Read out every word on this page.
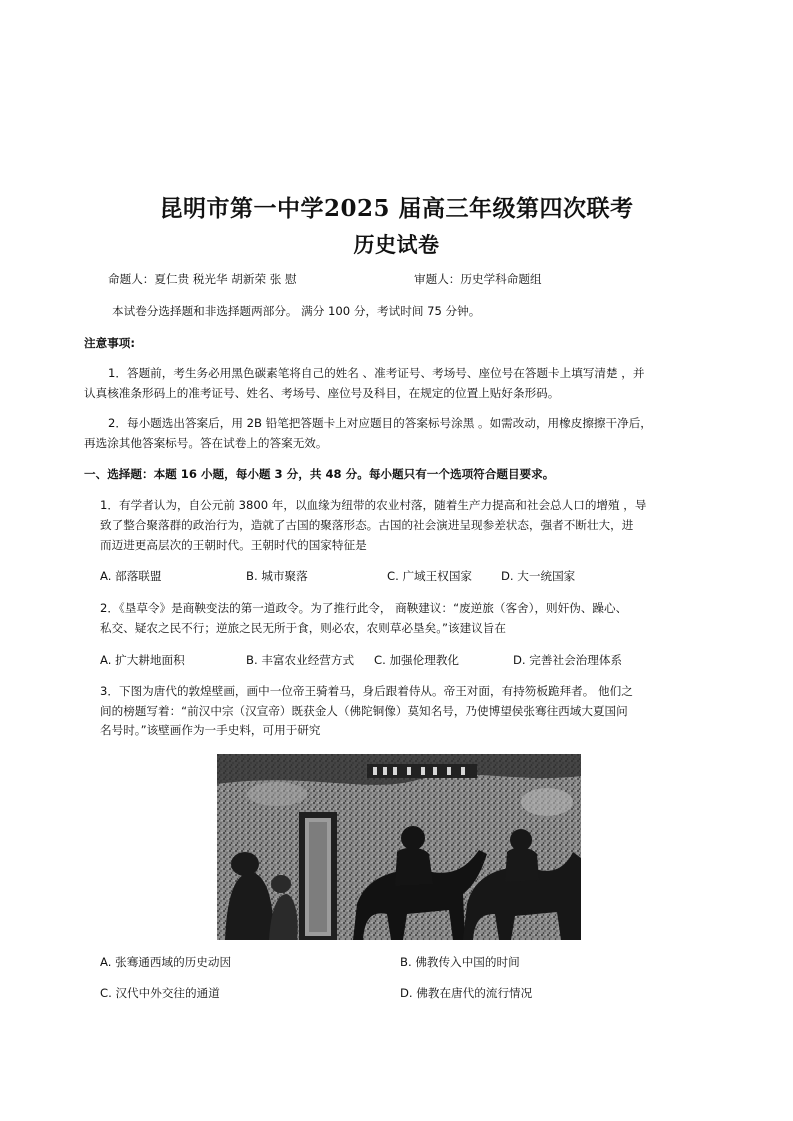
昆明市第一中学2025 届高三年级第四次联考
历史试卷
命题人：夏仁贵 税光华 胡新荣 张 慰	审题人：历史学科命题组
本试卷分选择题和非选择题两部分。 满分 100 分，考试时间 75 分钟。
注意事项:
1．答题前，考生务必用黑色碳素笔将自己的姓名 、准考证号、考场号、座位号在答题卡上填写清楚 ，并
认真核准条形码上的准考证号、姓名、考场号、座位号及科目，在规定的位置上贴好条形码。
2．每小题选出答案后，用 2B 铅笔把答题卡上对应题目的答案标号涂黑 。如需改动，用橡皮擦擦干净后，
再选涂其他答案标号。答在试卷上的答案无效。
一、选择题：本题 16 小题，每小题 3 分，共 48 分。每小题只有一个选项符合题目要求。
1．有学者认为，自公元前 3800 年，以血缘为纽带的农业村落，随着生产力提高和社会总人口的增殖 ，导
致了整合聚落群的政治行为，造就了古国的聚落形态。古国的社会演进呈现参差状态，强者不断壮大，进
而迈进更高层次的王朝时代。王朝时代的国家特征是
A. 部落联盟	B. 城市聚落	C. 广域王权国家 D. 大一统国家
2．《垦草令》是商鞅变法的第一道政令。为了推行此令， 商鞅建议：“废逆旅（客舍），则奸伪、躁心、
私交、疑农之民不行；逆旅之民无所于食，则必农，农则草必垦矣。”该建议旨在
A. 扩大耕地面积	B. 丰富农业经营方式 C. 加强伦理教化	D. 完善社会治理体系
3．下图为唐代的敦煌壁画，画中一位帝王骑着马，身后跟着侍从。帝王对面，有持笏板跪拜者。 他们之
间的榜题写着：“前汉中宗（汉宣帝）既获金人（佛陀铜像）莫知名号，乃使博望侯张骞往西域大夏国问
名号时。”该壁画作为一手史料，可用于研究
A. 张骞通西域的历史动因	B. 佛教传入中国的时间
C. 汉代中外交往的通道	D. 佛教在唐代的流行情况
